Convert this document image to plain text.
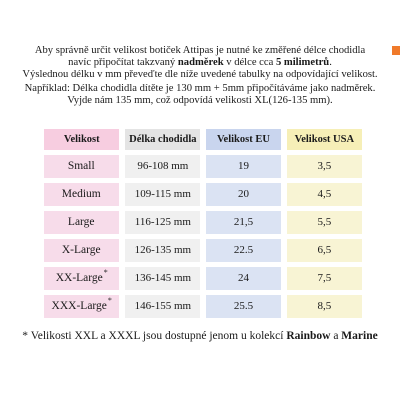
Aby správně určit velikost botiček Attipas je nutné ke změřené délce chodidla

navíc připočítat takzvaný nadměrek v délce cca 5 milimetrů.

Výslednou délku v mm převeďte dle níže uvedené tabulky na odpovídající velikost.

Například: Délka chodidla dítěte je 130 mm + 5mm připočítáváme jako nadměrek.

Vyjde nám 135 mm, což odpovídá velikosti XL(126-135 mm).

Velikost	Délka chodidla	Velikost EU	Velikost USA
Small	96-108 mm	19	3,5
Medium	109-115 mm	20	4,5
Large	116-125 mm	21,5	5,5
X-Large	126-135 mm	22.5	6,5
XX-Large*	136-145 mm	24	7,5
XXX-Large*	146-155 mm	25.5	8,5
* Velikosti XXL a XXXL jsou dostupné jenom u kolekcí Rainbow a Marine
